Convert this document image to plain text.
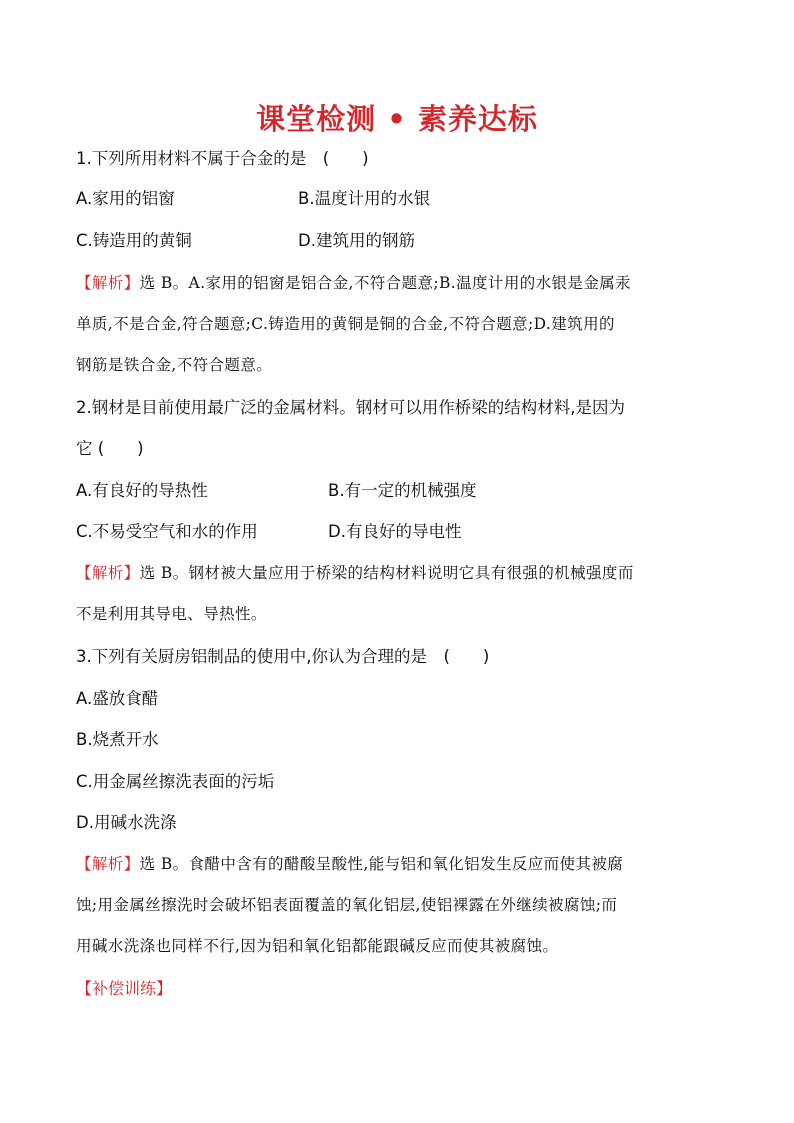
课堂检测 • 素养达标
1.下列所用材料不属于合金的是　(　　)
A.家用的铝窗	B.温度计用的水银
C.铸造用的黄铜	D.建筑用的钢筋
【解析】选 B。A.家用的铝窗是铝合金,不符合题意;B.温度计用的水银是金属汞
单质,不是合金,符合题意;C.铸造用的黄铜是铜的合金,不符合题意;D.建筑用的
钢筋是铁合金,不符合题意。
2.钢材是目前使用最广泛的金属材料。钢材可以用作桥梁的结构材料,是因为
它 (　　)
A.有良好的导热性	B.有一定的机械强度
C.不易受空气和水的作用	D.有良好的导电性
【解析】选 B。钢材被大量应用于桥梁的结构材料说明它具有很强的机械强度而
不是利用其导电、导热性。
3.下列有关厨房铝制品的使用中,你认为合理的是　(　　)
A.盛放食醋
B.烧煮开水
C.用金属丝擦洗表面的污垢
D.用碱水洗涤
【解析】选 B。食醋中含有的醋酸呈酸性,能与铝和氧化铝发生反应而使其被腐
蚀;用金属丝擦洗时会破坏铝表面覆盖的氧化铝层,使铝裸露在外继续被腐蚀;而
用碱水洗涤也同样不行,因为铝和氧化铝都能跟碱反应而使其被腐蚀。
【补偿训练】
